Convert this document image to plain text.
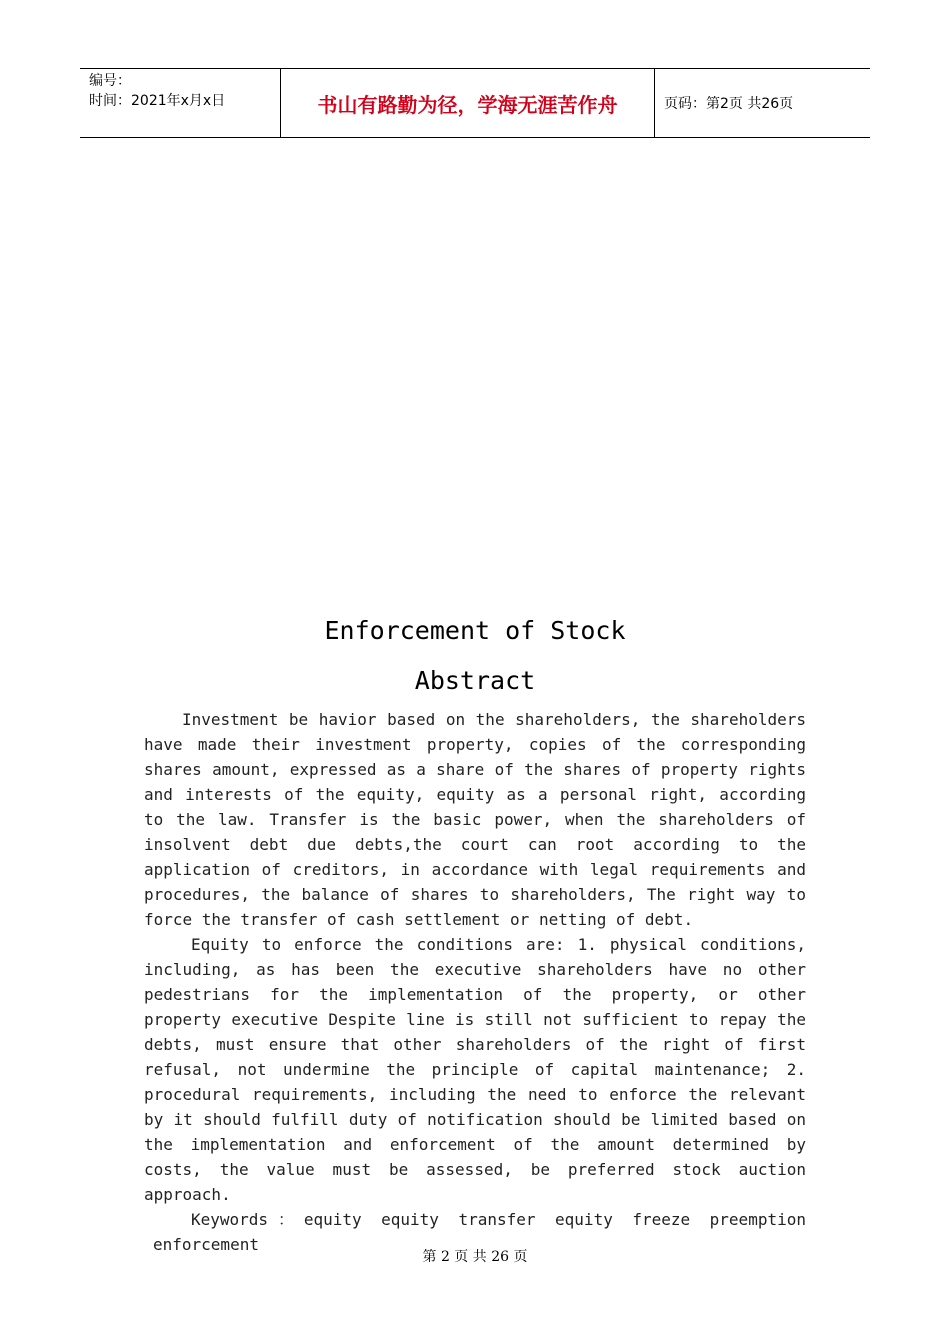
编号：
时间：2021年x月x日	书山有路勤为径，学海无涯苦作舟	页码：第2页 共26页
Enforcement of Stock
Abstract

Investment be havior based on the shareholders, the shareholders have made their investment property, copies of the corresponding shares amount, expressed as a share of the shares of property rights and interests of the equity, equity as a personal right, according to the law. Transfer is the basic power, when the shareholders of insolvent debt due debts,the court can root according to the application of creditors, in accordance with legal requirements and procedures, the balance of shares to shareholders, The right way to force the transfer of cash settlement or netting of debt.

Equity to enforce the conditions are: 1. physical conditions, including, as has been the executive shareholders have no other pedestrians for the implementation of the property, or other property executive Despite line is still not sufficient to repay the debts, must ensure that other shareholders of the right of first refusal, not undermine the principle of capital maintenance; 2. procedural requirements, including the need to enforce the relevant by it should fulfill duty of notification should be limited based on the implementation and enforcement of the amount determined by costs, the value must be assessed, be preferred stock auction approach.

Keywords：equity equity transfer equity freeze preemption

enforcement

第 2 页 共 26 页
